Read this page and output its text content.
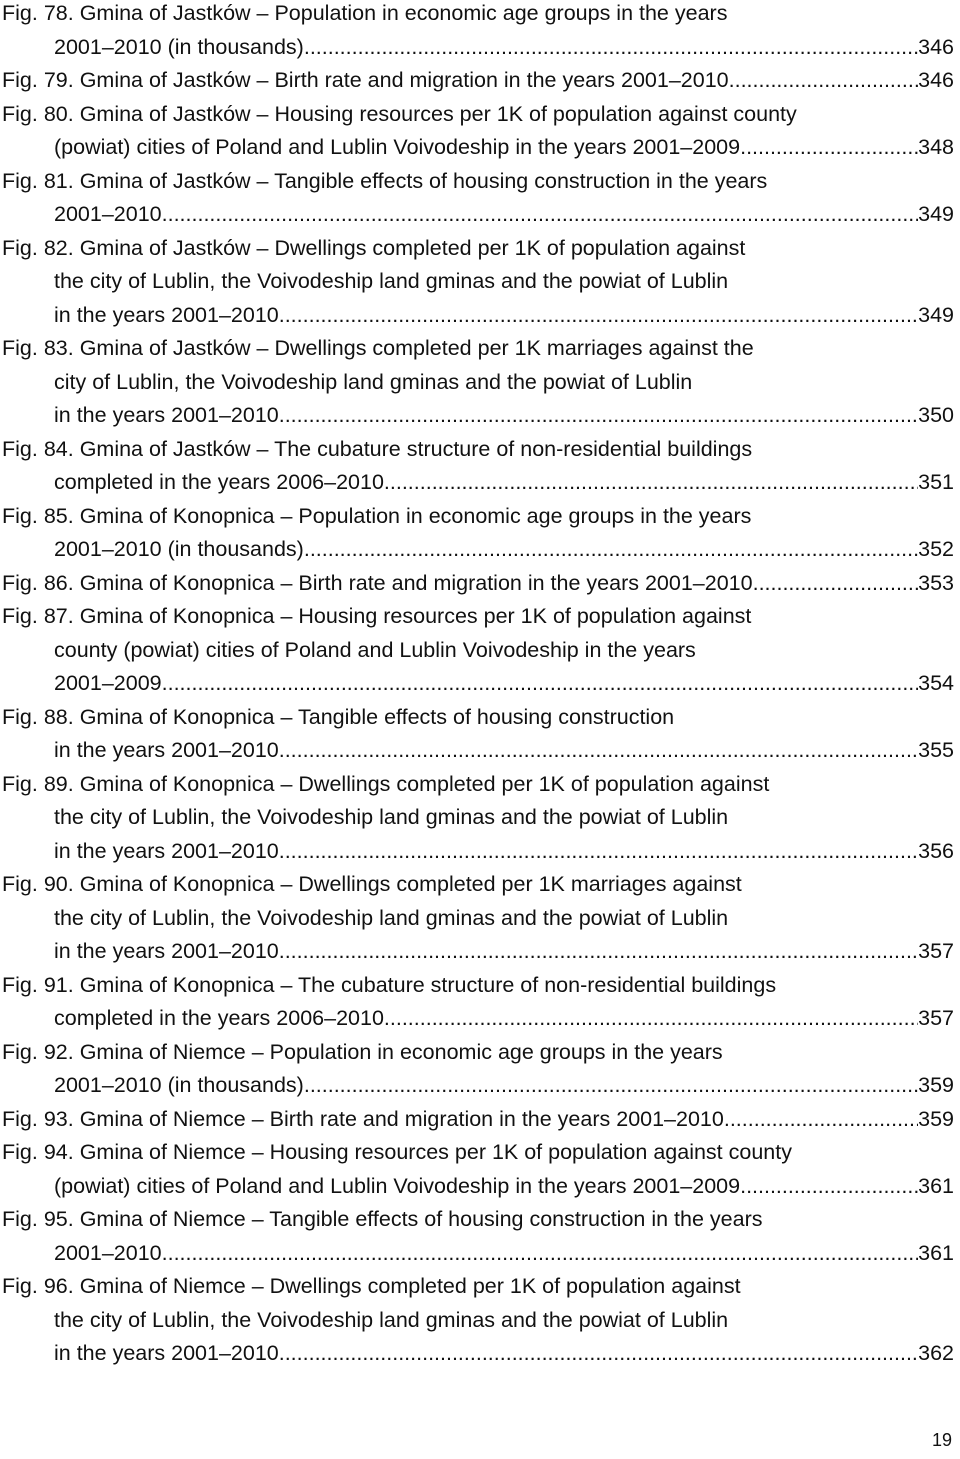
Fig. 78. Gmina of Jastków – Population in economic age groups in the years
2001–2010 (in thousands) .....	346
Fig. 79. Gmina of Jastków – Birth rate and migration in the years 2001–2010 .....	346
Fig. 80. Gmina of Jastków – Housing resources per 1K of population against county
(powiat) cities of Poland and Lublin Voivodeship in the years 2001–2009 .....	348
Fig. 81. Gmina of Jastków – Tangible effects of housing construction in the years
2001–2010 .....	349
Fig. 82. Gmina of Jastków – Dwellings completed per 1K of population against
the city of Lublin, the Voivodeship land gminas and the powiat of Lublin
in the years 2001–2010 .....	349
Fig. 83. Gmina of Jastków – Dwellings completed per 1K marriages against the
city of Lublin, the Voivodeship land gminas and the powiat of Lublin
in the years 2001–2010 .....	350
Fig. 84. Gmina of Jastków – The cubature structure of non-residential buildings
completed in the years 2006–2010 .....	351
Fig. 85. Gmina of Konopnica – Population in economic age groups in the years
2001–2010 (in thousands) .....	352
Fig. 86. Gmina of Konopnica – Birth rate and migration in the years 2001–2010 .....	353
Fig. 87. Gmina of Konopnica – Housing resources per 1K of population against
county (powiat) cities of Poland and Lublin Voivodeship in the years
2001–2009 .....	354
Fig. 88. Gmina of Konopnica – Tangible effects of housing construction
in the years 2001–2010 .....	355
Fig. 89. Gmina of Konopnica – Dwellings completed per 1K of population against
the city of Lublin, the Voivodeship land gminas and the powiat of Lublin
in the years 2001–2010 .....	356
Fig. 90. Gmina of Konopnica – Dwellings completed per 1K marriages against
the city of Lublin, the Voivodeship land gminas and the powiat of Lublin
in the years 2001–2010 .....	357
Fig. 91. Gmina of Konopnica – The cubature structure of non-residential buildings
completed in the years 2006–2010 .....	357
Fig. 92. Gmina of Niemce – Population in economic age groups in the years
2001–2010 (in thousands) .....	359
Fig. 93. Gmina of Niemce – Birth rate and migration in the years 2001–2010 .....	359
Fig. 94. Gmina of Niemce – Housing resources per 1K of population against county
(powiat) cities of Poland and Lublin Voivodeship in the years 2001–2009 .....	361
Fig. 95. Gmina of Niemce – Tangible effects of housing construction in the years
2001–2010 .....	361
Fig. 96. Gmina of Niemce – Dwellings completed per 1K of population against
the city of Lublin, the Voivodeship land gminas and the powiat of Lublin
in the years 2001–2010 .....	362
19
